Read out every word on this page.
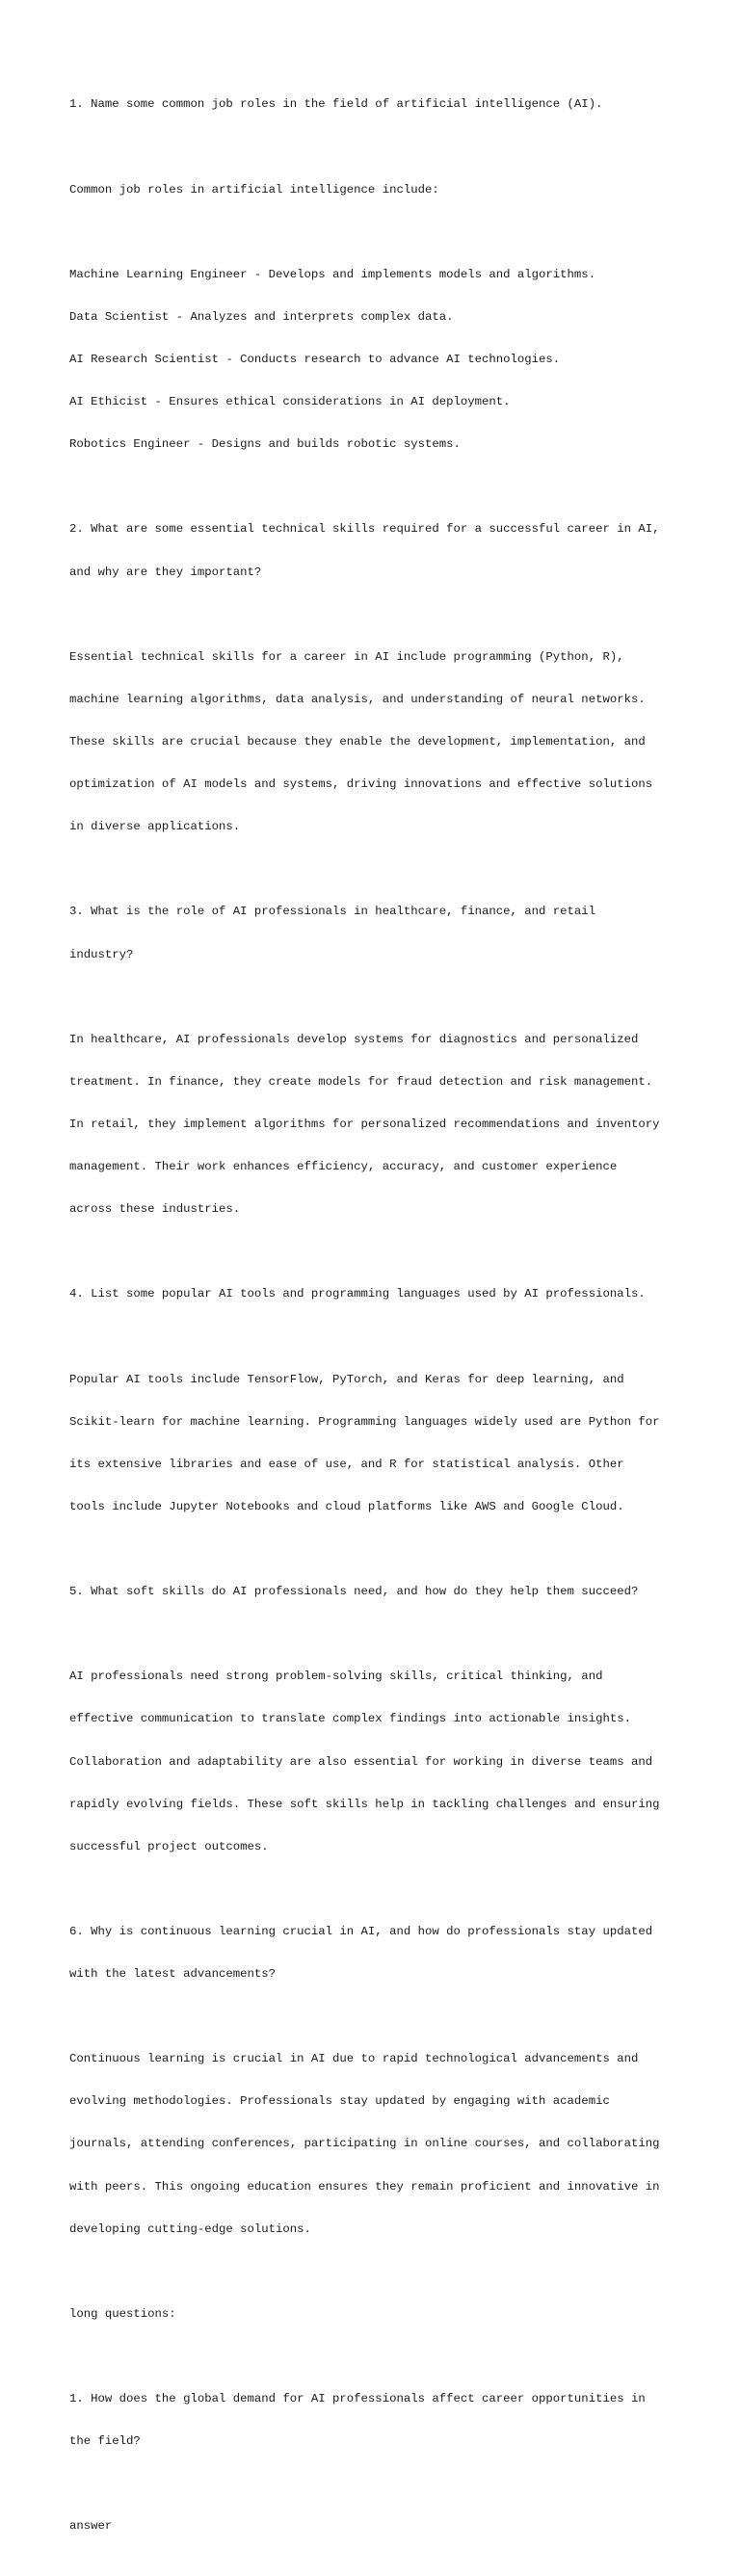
1. Name some common job roles in the field of artificial intelligence (AI).

Common job roles in artificial intelligence include:

Machine Learning Engineer - Develops and implements models and algorithms.

Data Scientist - Analyzes and interprets complex data.

AI Research Scientist - Conducts research to advance AI technologies.

AI Ethicist - Ensures ethical considerations in AI deployment.

Robotics Engineer - Designs and builds robotic systems.

2. What are some essential technical skills required for a successful career in AI,

and why are they important?

Essential technical skills for a career in AI include programming (Python, R),

machine learning algorithms, data analysis, and understanding of neural networks.

These skills are crucial because they enable the development, implementation, and

optimization of AI models and systems, driving innovations and effective solutions

in diverse applications.

3. What is the role of AI professionals in healthcare, finance, and retail

industry?

In healthcare, AI professionals develop systems for diagnostics and personalized

treatment. In finance, they create models for fraud detection and risk management.

In retail, they implement algorithms for personalized recommendations and inventory

management. Their work enhances efficiency, accuracy, and customer experience

across these industries.

4. List some popular AI tools and programming languages used by AI professionals.

Popular AI tools include TensorFlow, PyTorch, and Keras for deep learning, and

Scikit-learn for machine learning. Programming languages widely used are Python for

its extensive libraries and ease of use, and R for statistical analysis. Other

tools include Jupyter Notebooks and cloud platforms like AWS and Google Cloud.

5. What soft skills do AI professionals need, and how do they help them succeed?

AI professionals need strong problem-solving skills, critical thinking, and

effective communication to translate complex findings into actionable insights.

Collaboration and adaptability are also essential for working in diverse teams and

rapidly evolving fields. These soft skills help in tackling challenges and ensuring

successful project outcomes.

6. Why is continuous learning crucial in AI, and how do professionals stay updated

with the latest advancements?

Continuous learning is crucial in AI due to rapid technological advancements and

evolving methodologies. Professionals stay updated by engaging with academic

journals, attending conferences, participating in online courses, and collaborating

with peers. This ongoing education ensures they remain proficient and innovative in

developing cutting-edge solutions.

long questions:

1. How does the global demand for AI professionals affect career opportunities in

the field?

answer
